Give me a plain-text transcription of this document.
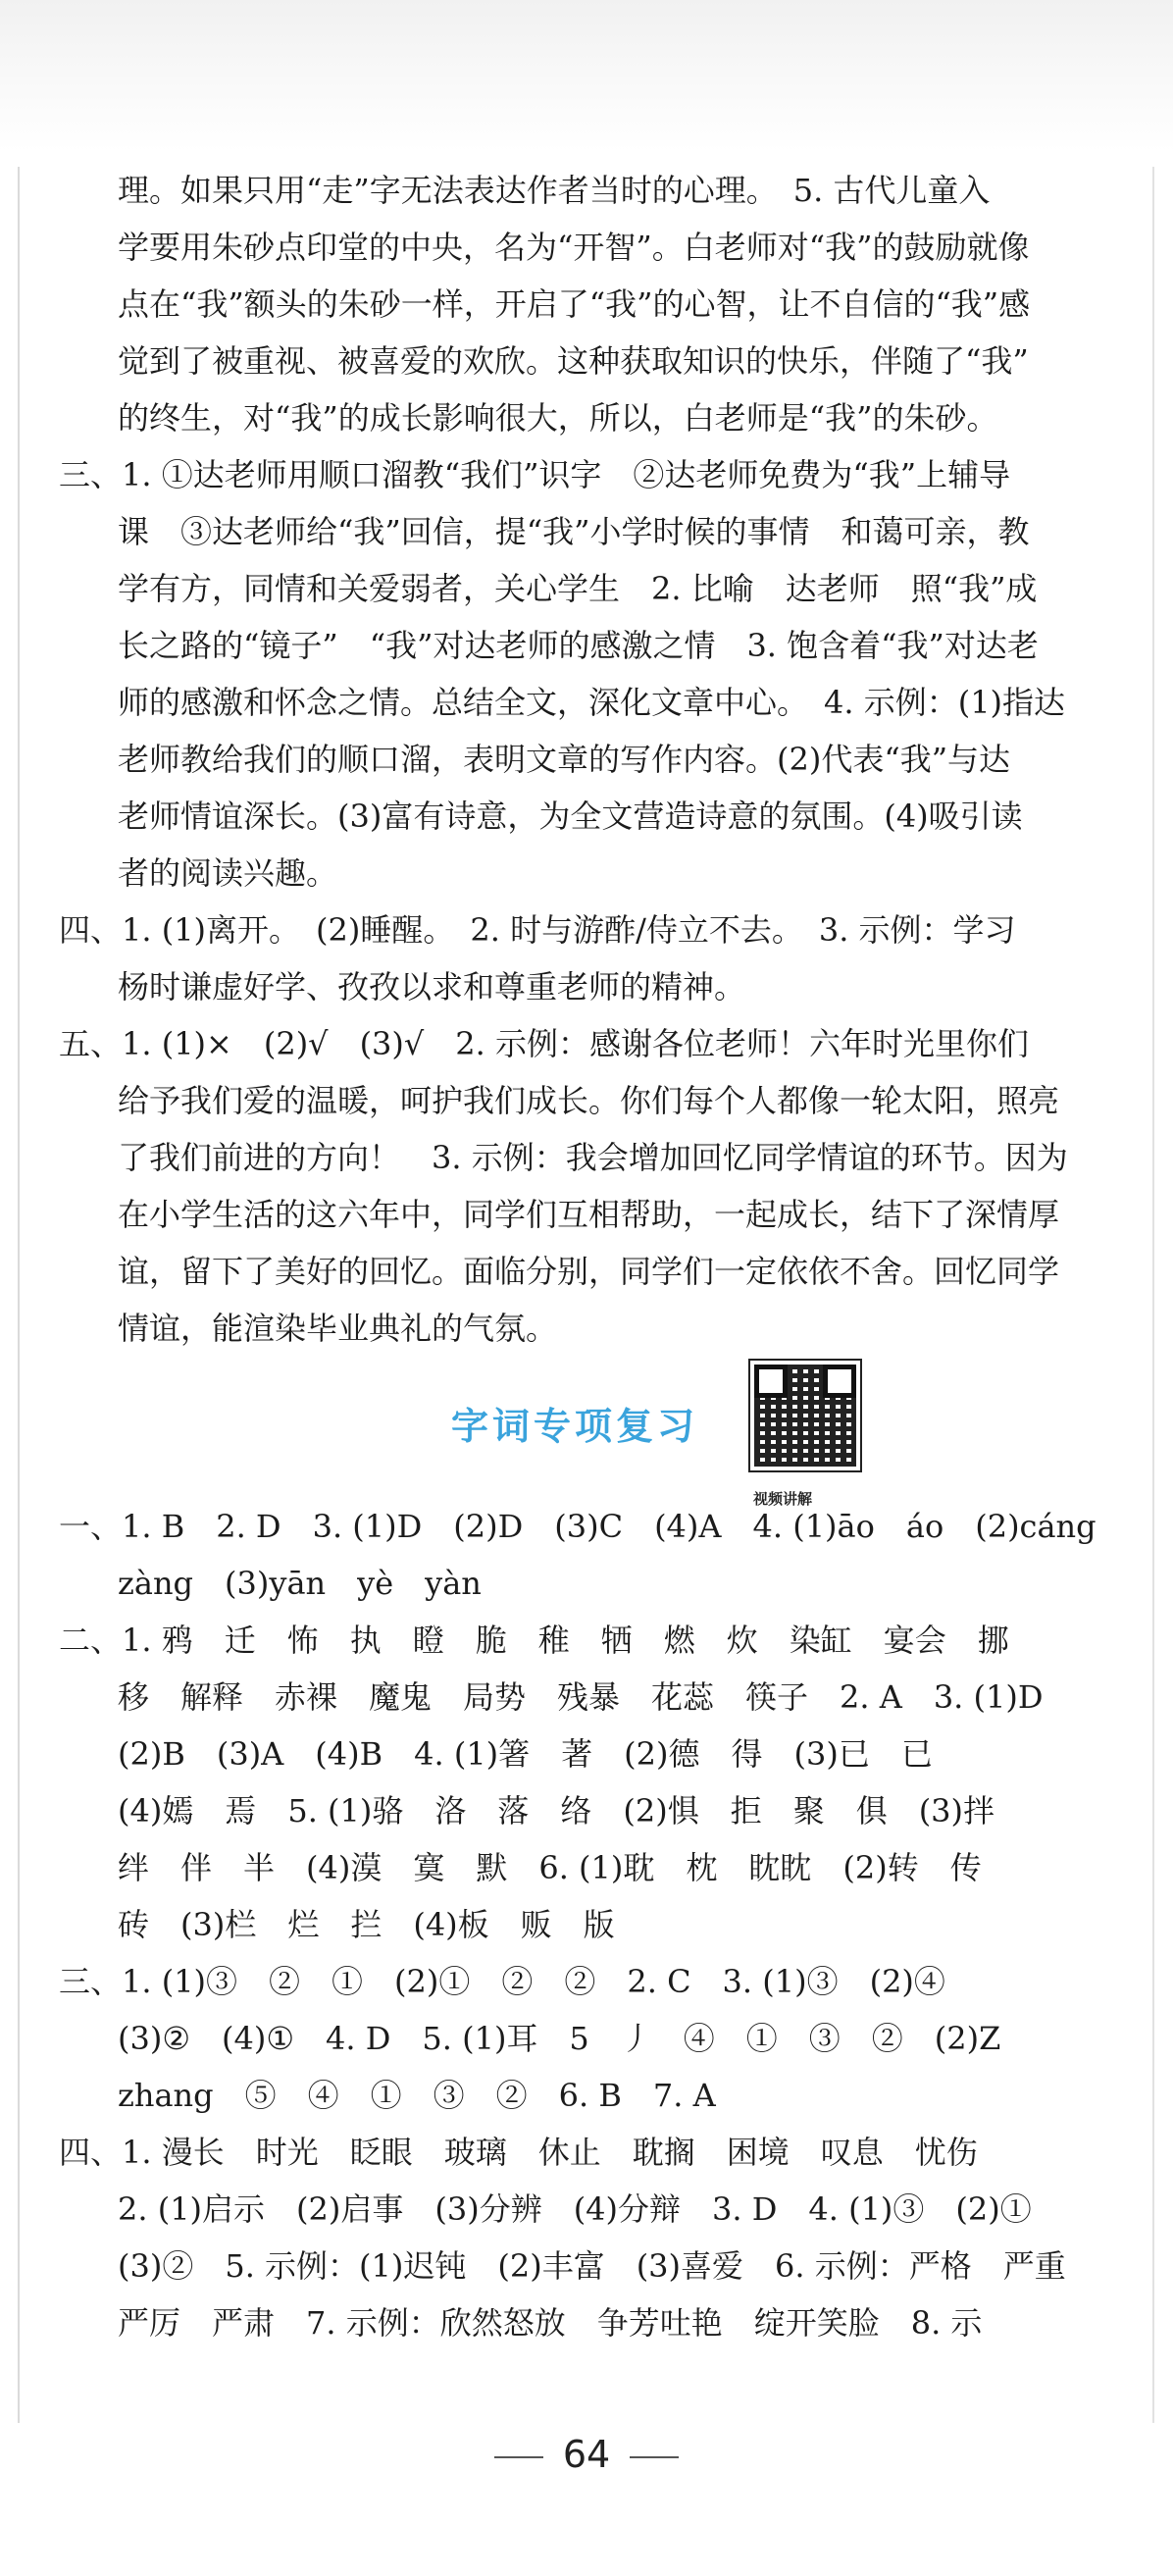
理。如果只用“走”字无法表达作者当时的心理。　5. 古代儿童入
学要用朱砂点印堂的中央，名为“开智”。白老师对“我”的鼓励就像
点在“我”额头的朱砂一样，开启了“我”的心智，让不自信的“我”感
觉到了被重视、被喜爱的欢欣。这种获取知识的快乐，伴随了“我”
的终生，对“我”的成长影响很大，所以，白老师是“我”的朱砂。
三、1. ①达老师用顺口溜教“我们”识字　②达老师免费为“我”上辅导
课　③达老师给“我”回信，提“我”小学时候的事情　和蔼可亲，教
学有方，同情和关爱弱者，关心学生　2. 比喻　达老师　照“我”成
长之路的“镜子”　“我”对达老师的感激之情　3. 饱含着“我”对达老
师的感激和怀念之情。总结全文，深化文章中心。　4. 示例：(1)指达
老师教给我们的顺口溜，表明文章的写作内容。(2)代表“我”与达
老师情谊深长。(3)富有诗意，为全文营造诗意的氛围。(4)吸引读
者的阅读兴趣。
四、1. (1)离开。　(2)睡醒。　2. 时与游酢/侍立不去。　3. 示例：学习
杨时谦虚好学、孜孜以求和尊重老师的精神。
五、1. (1)×　(2)√　(3)√　2. 示例：感谢各位老师！六年时光里你们
给予我们爱的温暖，呵护我们成长。你们每个人都像一轮太阳，照亮
了我们前进的方向！　3. 示例：我会增加回忆同学情谊的环节。因为
在小学生活的这六年中，同学们互相帮助，一起成长，结下了深情厚
谊，留下了美好的回忆。面临分别，同学们一定依依不舍。回忆同学
情谊，能渲染毕业典礼的气氛。
字词专项复习
视频讲解
一、1. B　2. D　3. (1)D　(2)D　(3)C　(4)A　4. (1)āo　áo　(2)cáng
zàng　(3)yān　yè　yàn
二、1. 鸦　迁　怖　执　瞪　脆　稚　牺　燃　炊　染缸　宴会　挪
移　解释　赤裸　魔鬼　局势　残暴　花蕊　筷子　2. A　3. (1)D
(2)B　(3)A　(4)B　4. (1)箸　著　(2)德　得　(3)已　已
(4)嫣　焉　5. (1)骆　洛　落　络　(2)惧　拒　聚　俱　(3)拌
绊　伴　半　(4)漠　寞　默　6. (1)耽　枕　眈眈　(2)转　传
砖　(3)栏　烂　拦　(4)板　贩　版
三、1. (1)③　②　①　(2)①　②　②　2. C　3. (1)③　(2)④
(3)②　(4)①　4. D　5. (1)耳　5　丿　④　①　③　②　(2)Z
zhang　⑤　④　①　③　②　6. B　7. A
四、1. 漫长　时光　眨眼　玻璃　休止　耽搁　困境　叹息　忧伤
2. (1)启示　(2)启事　(3)分辨　(4)分辩　3. D　4. (1)③　(2)①
(3)②　5. 示例：(1)迟钝　(2)丰富　(3)喜爱　6. 示例：严格　严重
严厉　严肃　7. 示例：欣然怒放　争芳吐艳　绽开笑脸　8. 示
64
